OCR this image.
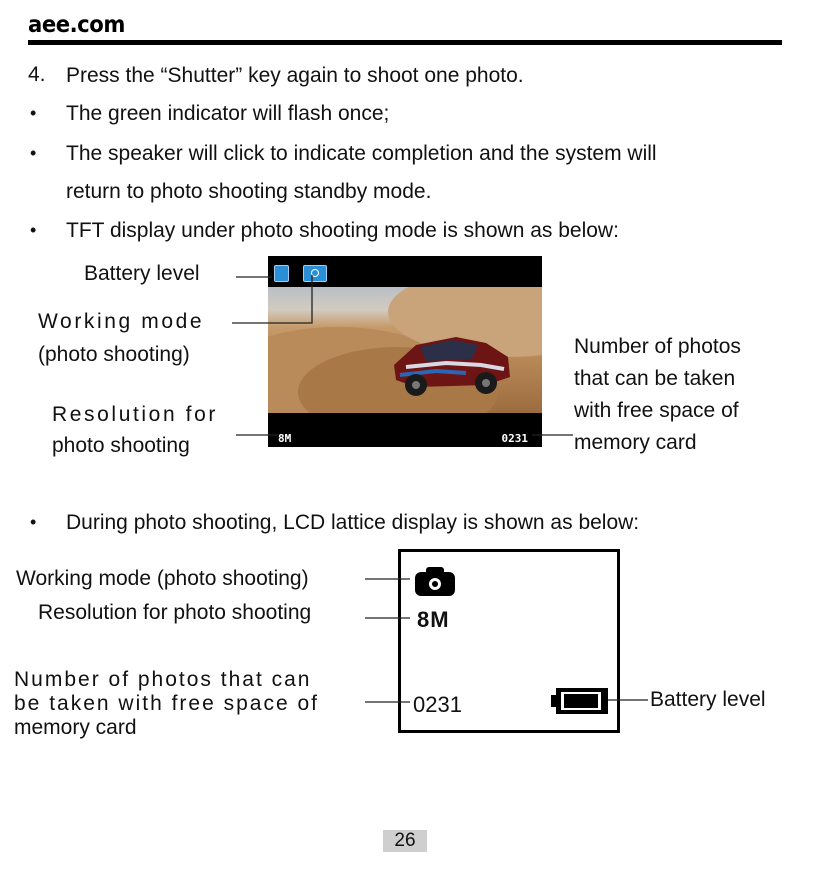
aee.com
4. Press the “Shutter” key again to shoot one photo.
• The green indicator will flash once;
• The speaker will click to indicate completion and the system will
return to photo shooting standby mode.
• TFT display under photo shooting mode is shown as below:
8M	0231
Battery level
Working mode
(photo shooting)
Resolution for
photo shooting
Number of photos
that can be taken
with free space of
memory card
• During photo shooting, LCD lattice display is shown as below:
8M
0231
Working mode (photo shooting)
Resolution for photo shooting
Number of photos that can
be taken with free space of
memory card
Battery level
26
